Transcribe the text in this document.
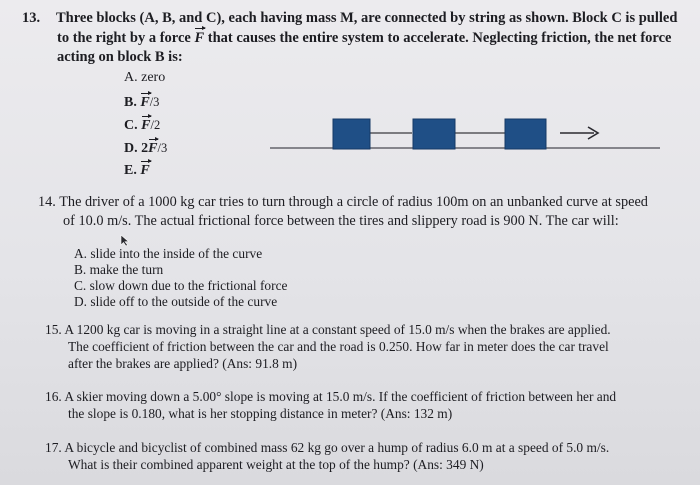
13. Three blocks (A, B, and C), each having mass M, are connected by string as shown. Block C is pulled
to the right by a force F that causes the entire system to accelerate. Neglecting friction, the net force
acting on block B is:
A. zero
B. F/3
C. F/2
D. 2F/3
E. F
14. The driver of a 1000 kg car tries to turn through a circle of radius 100m on an unbanked curve at speed
of 10.0 m/s. The actual frictional force between the tires and slippery road is 900 N. The car will:
A. slide into the inside of the curve
B. make the turn
C. slow down due to the frictional force
D. slide off to the outside of the curve
15. A 1200 kg car is moving in a straight line at a constant speed of 15.0 m/s when the brakes are applied.
The coefficient of friction between the car and the road is 0.250. How far in meter does the car travel
after the brakes are applied? (Ans: 91.8 m)
16. A skier moving down a 5.00° slope is moving at 15.0 m/s. If the coefficient of friction between her and
the slope is 0.180, what is her stopping distance in meter? (Ans: 132 m)
17. A bicycle and bicyclist of combined mass 62 kg go over a hump of radius 6.0 m at a speed of 5.0 m/s.
What is their combined apparent weight at the top of the hump? (Ans: 349 N)
